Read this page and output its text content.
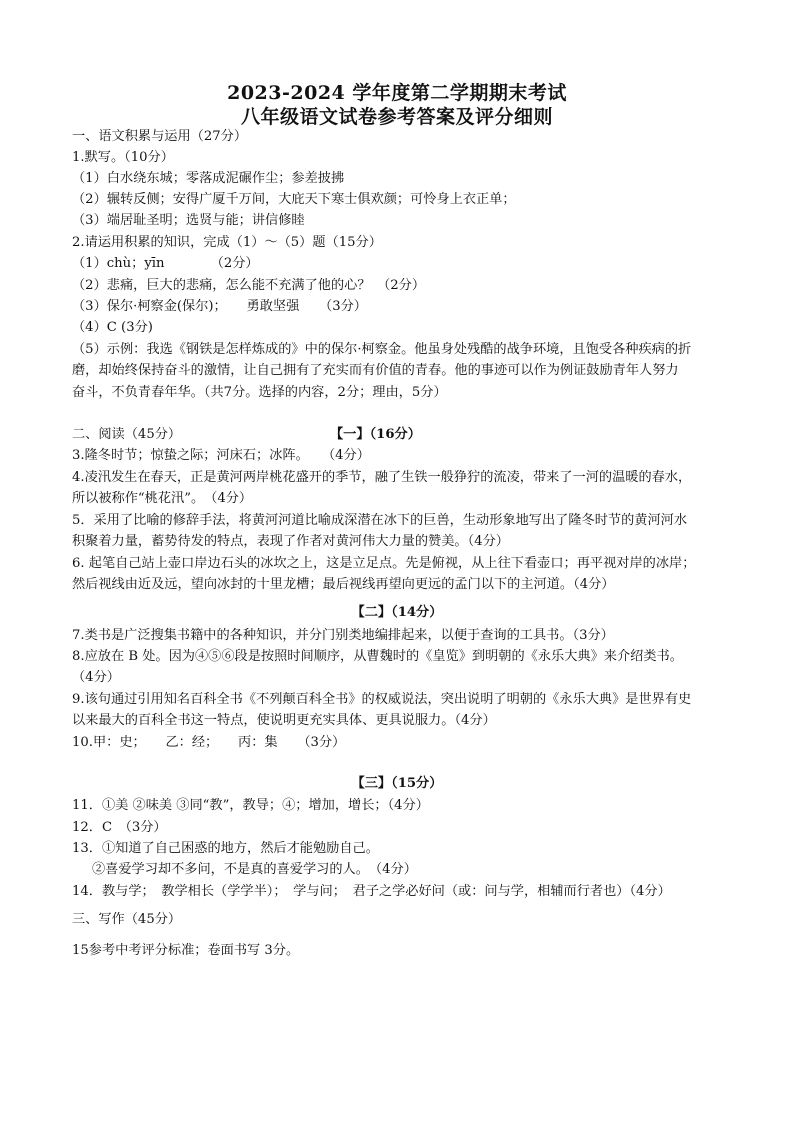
2023-2024 学年度第二学期期末考试
八年级语文试卷参考答案及评分细则
一、语文积累与运用（27分）
1.默写。（10分）
（1）白水绕东城；零落成泥碾作尘；参差披拂
（2）辗转反侧；安得广厦千万间，大庇天下寒士俱欢颜；可怜身上衣正单；
（3）端居耻圣明；选贤与能；讲信修睦
2.请运用积累的知识，完成（1）～（5）题（15分）
（1）chù；yīn　　　　（2分）
（2）悲痛，巨大的悲痛，怎么能不充满了他的心？　（2分）
（3）保尔·柯察金(保尔)；　　勇敢坚强　　（3分）
（4）C (3分)
（5）示例：我选《钢铁是怎样炼成的》中的保尔·柯察金。他虽身处残酷的战争环境，且饱受各种疾病的折
磨，却始终保持奋斗的激情，让自己拥有了充实而有价值的青春。他的事迹可以作为例证鼓励青年人努力
奋斗，不负青春年华。（共7分。选择的内容，2分；理由，5分）
二、阅读（45分）	【一】（16分）
3.隆冬时节；惊蛰之际；河床石；冰阵。　　（4分）
4.凌汛发生在春天，正是黄河两岸桃花盛开的季节，融了生铁一般狰狞的流凌，带来了一河的温暖的春水，
所以被称作“桃花汛”。　（4分）
5．采用了比喻的修辞手法，将黄河河道比喻成深潜在冰下的巨兽，生动形象地写出了隆冬时节的黄河河水
积聚着力量，蓄势待发的特点，表现了作者对黄河伟大力量的赞美。（4分）
6. 起笔自己站上壶口岸边石头的冰坎之上，这是立足点。先是俯视，从上往下看壶口；再平视对岸的冰岸；
然后视线由近及远，望向冰封的十里龙槽；最后视线再望向更远的孟门以下的主河道。（4分）
【二】（14分）
7.类书是广泛搜集书籍中的各种知识，并分门别类地编排起来，以便于查询的工具书。（3分）
8.应放在 B 处。因为④⑤⑥段是按照时间顺序，从曹魏时的《皇览》到明朝的《永乐大典》来介绍类书。
（4分）
9.该句通过引用知名百科全书《不列颠百科全书》的权威说法，突出说明了明朝的《永乐大典》是世界有史
以来最大的百科全书这一特点，使说明更充实具体、更具说服力。（4分）
10.甲：史；　　乙：经；　　丙：集　　（3分）
【三】（15分）
11．①美 ②味美 ③同“教”，教导；④；增加，增长；（4分）
12．C　（3分）
13．①知道了自己困惑的地方，然后才能勉励自己。
②喜爱学习却不多问，不是真的喜爱学习的人。　（4分）
14．教与学；　教学相长（学学半）；　学与问；　君子之学必好问（或：问与学，相辅而行者也）（4分）
三、写作（45分）
15参考中考评分标准；卷面书写 3分。
